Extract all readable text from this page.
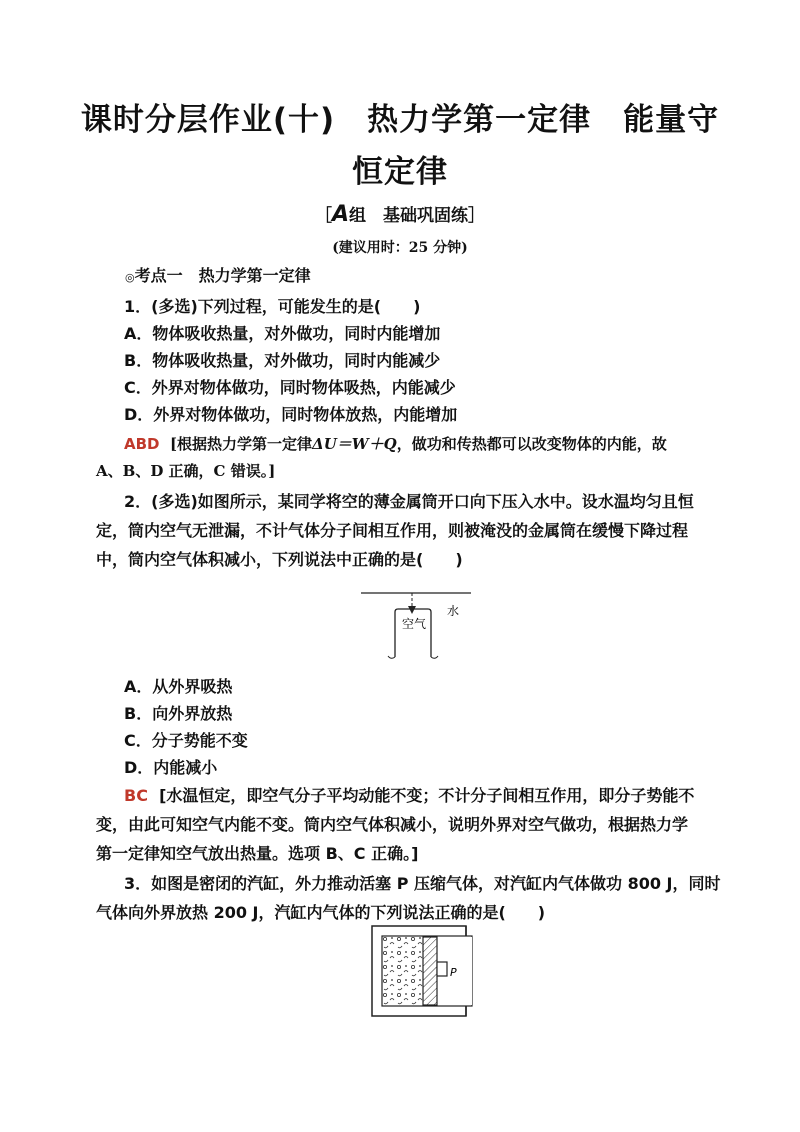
课时分层作业(十)　热力学第一定律　能量守
恒定律
［A组　基础巩固练］
(建议用时：25 分钟)
◎考点一　热力学第一定律
1．(多选)下列过程，可能发生的是(　　)
A．物体吸收热量，对外做功，同时内能增加
B．物体吸收热量，对外做功，同时内能减少
C．外界对物体做功，同时物体吸热，内能减少
D．外界对物体做功，同时物体放热，内能增加
ABD [根据热力学第一定律ΔU＝W＋Q，做功和传热都可以改变物体的内能，故
A、B、D 正确，C 错误。]
2．(多选)如图所示，某同学将空的薄金属筒开口向下压入水中。设水温均匀且恒
定，筒内空气无泄漏，不计气体分子间相互作用，则被淹没的金属筒在缓慢下降过程
中，筒内空气体积减小，下列说法中正确的是(　　)
空气
水
A．从外界吸热
B．向外界放热
C．分子势能不变
D．内能减小
BC [水温恒定，即空气分子平均动能不变；不计分子间相互作用，即分子势能不
变，由此可知空气内能不变。筒内空气体积减小，说明外界对空气做功，根据热力学
第一定律知空气放出热量。选项 B、C 正确。]
3．如图是密闭的汽缸，外力推动活塞 P 压缩气体，对汽缸内气体做功 800 J，同时
气体向外界放热 200 J，汽缸内气体的下列说法正确的是(　　)
P
